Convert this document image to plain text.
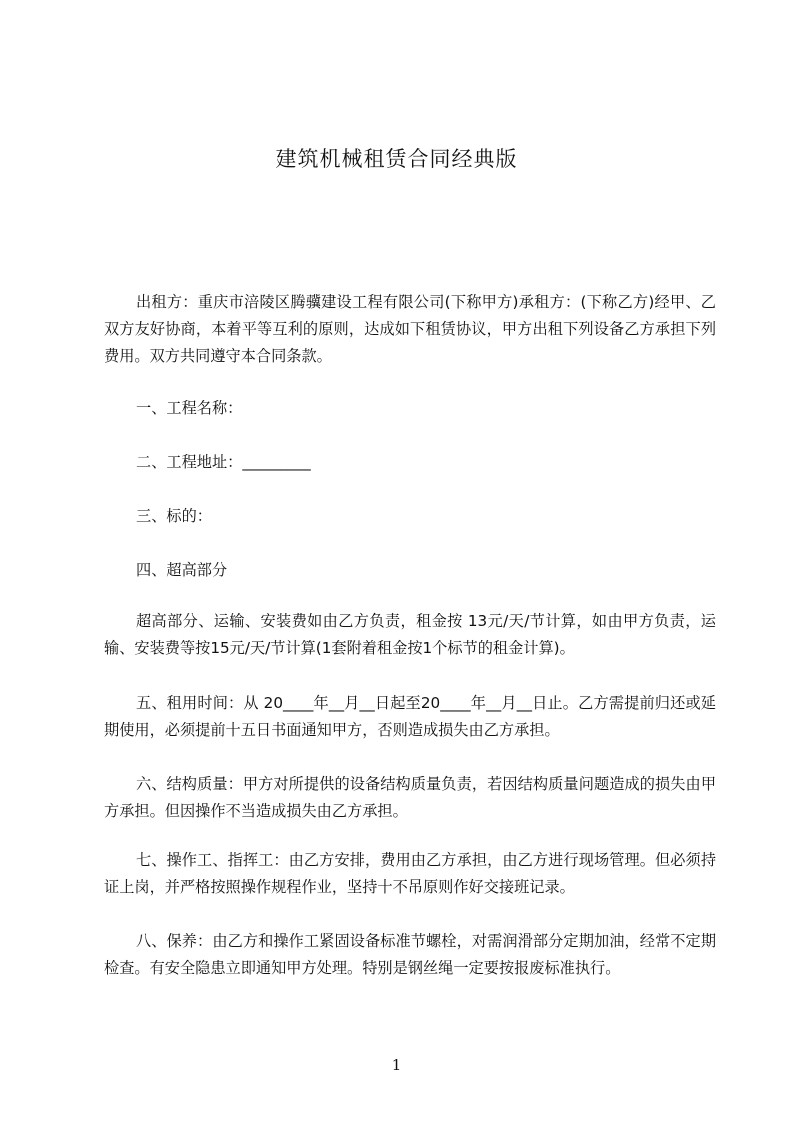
建筑机械租赁合同经典版

出租方：重庆市涪陵区腾骥建设工程有限公司(下称甲方)承租方：(下称乙方)经甲、乙双方友好协商，本着平等互利的原则，达成如下租赁协议，甲方出租下列设备乙方承担下列费用。双方共同遵守本合同条款。

一、工程名称：

二、工程地址：_________

三、标的：

四、超高部分

超高部分、运输、安装费如由乙方负责，租金按 13元/天/节计算，如由甲方负责，运输、安装费等按15元/天/节计算(1套附着租金按1个标节的租金计算)。

五、租用时间：从 20____年__月__日起至20____年__月__日止。乙方需提前归还或延期使用，必须提前十五日书面通知甲方，否则造成损失由乙方承担。

六、结构质量：甲方对所提供的设备结构质量负责，若因结构质量问题造成的损失由甲方承担。但因操作不当造成损失由乙方承担。

七、操作工、指挥工：由乙方安排，费用由乙方承担，由乙方进行现场管理。但必须持证上岗，并严格按照操作规程作业，坚持十不吊原则作好交接班记录。

八、保养：由乙方和操作工紧固设备标准节螺栓，对需润滑部分定期加油，经常不定期检查。有安全隐患立即通知甲方处理。特别是钢丝绳一定要按报废标准执行。

1
